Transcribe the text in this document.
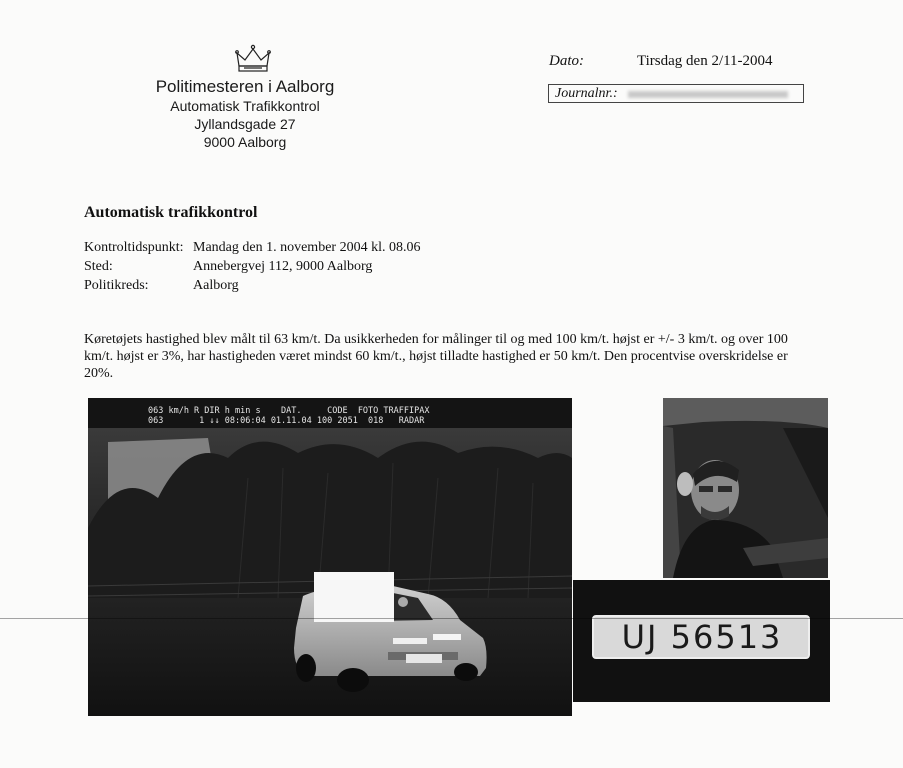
Politimesteren i Aalborg
Automatisk Trafikkontrol
Jyllandsgade 27
9000 Aalborg
Dato:	Tirsdag den 2/11-2004
Journalnr.:
Automatisk trafikkontrol
Kontroltidspunkt: Mandag den 1. november 2004 kl. 08.06
Sted:	Annebergvej 112, 9000 Aalborg
Politikreds:	Aalborg
Køretøjets hastighed blev målt til 63 km/t. Da usikkerheden for målinger til og med 100 km/t. højst er +/- 3 km/t. og over 100 km/t. højst er 3%, har hastigheden været mindst 60 km/t., højst tilladte hastighed er 50 km/t. Den procentvise overskridelse er 20%.
063 km/h R DIR h min s    DAT.     CODE  FOTO TRAFFIPAX
063       1 ↓↓ 08:06:04 01.11.04 100 2051  018   RADAR
UJ 56513
